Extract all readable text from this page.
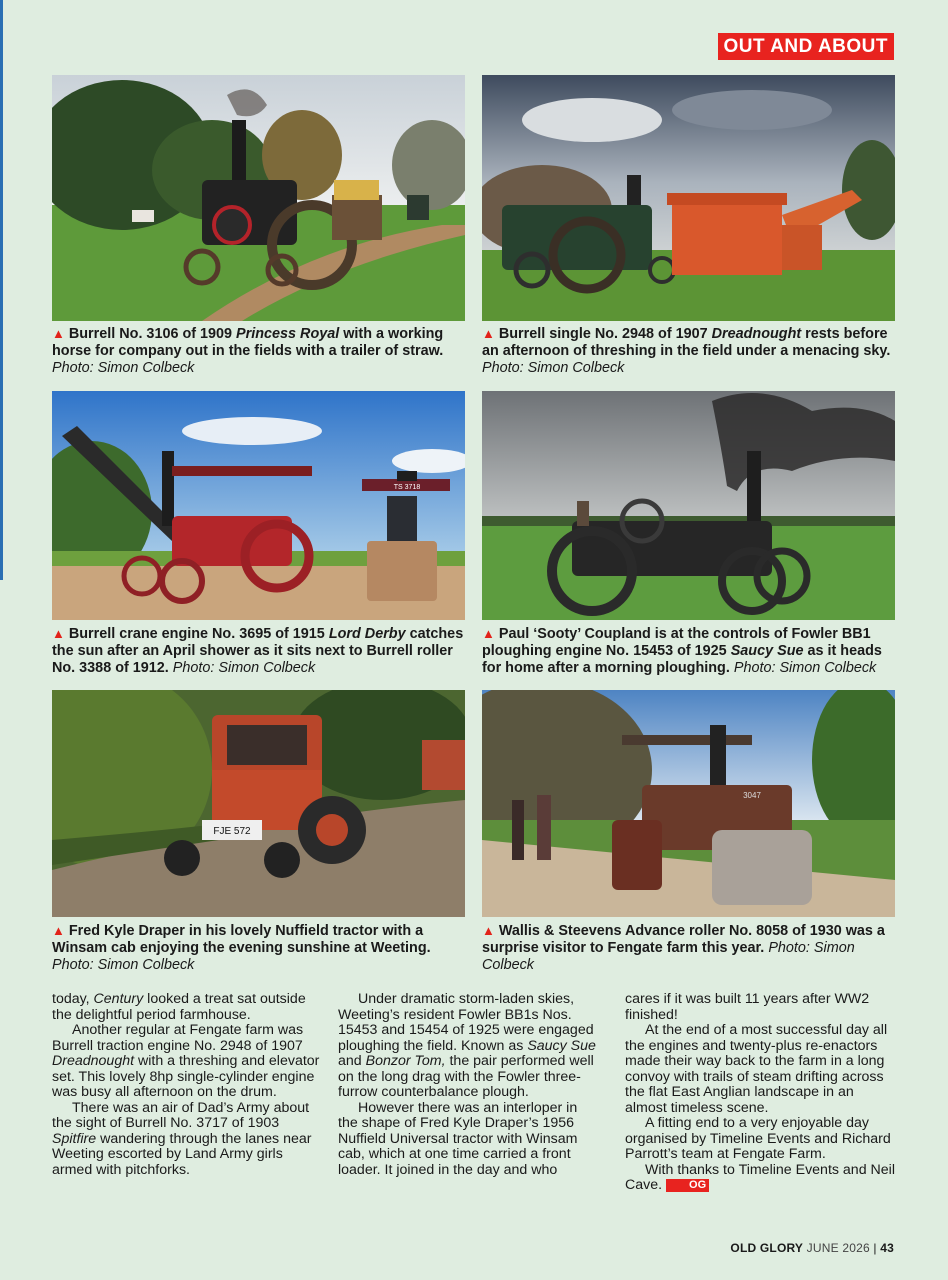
OUT AND ABOUT
▲ Burrell No. 3106 of 1909 Princess Royal with a working horse for company out in the fields with a trailer of straw. Photo: Simon Colbeck
▲ Burrell single No. 2948 of 1907 Dreadnought rests before an afternoon of threshing in the field under a menacing sky. Photo: Simon Colbeck
TS 3718
▲ Burrell crane engine No. 3695 of 1915 Lord Derby catches the sun after an April shower as it sits next to Burrell roller No. 3388 of 1912. Photo: Simon Colbeck
▲ Paul ‘Sooty’ Coupland is at the controls of Fowler BB1 ploughing engine No. 15453 of 1925 Saucy Sue as it heads for home after a morning ploughing. Photo: Simon Colbeck
FJE 572
▲ Fred Kyle Draper in his lovely Nuffield tractor with a Winsam cab enjoying the evening sunshine at Weeting. Photo: Simon Colbeck
3047
▲ Wallis & Steevens Advance roller No. 8058 of 1930 was a surprise visitor to Fengate farm this year. Photo: Simon Colbeck

today, Century looked a treat sat outside the delightful period farmhouse.

Another regular at Fengate farm was Burrell traction engine No. 2948 of 1907 Dreadnought with a threshing and elevator set. This lovely 8hp single-cylinder engine was busy all afternoon on the drum.

There was an air of Dad’s Army about the sight of Burrell No. 3717 of 1903 Spitfire wandering through the lanes near Weeting escorted by Land Army girls armed with pitchforks.

Under dramatic storm-laden skies, Weeting’s resident Fowler BB1s Nos. 15453 and 15454 of 1925 were engaged ploughing the field. Known as Saucy Sue and Bonzor Tom, the pair performed well on the long drag with the Fowler three-furrow counterbalance plough.

However there was an interloper in the shape of Fred Kyle Draper’s 1956 Nuffield Universal tractor with Winsam cab, which at one time carried a front loader. It joined in the day and who

cares if it was built 11 years after WW2 finished!

At the end of a most successful day all the engines and twenty-plus re-enactors made their way back to the farm in a long convoy with trails of steam drifting across the flat East Anglian landscape in an almost timeless scene.

A fitting end to a very enjoyable day organised by Timeline Events and Richard Parrott’s team at Fengate Farm.

With thanks to Timeline Events and Neil Cave. OG

OLD GLORY JUNE 2026 | 43
